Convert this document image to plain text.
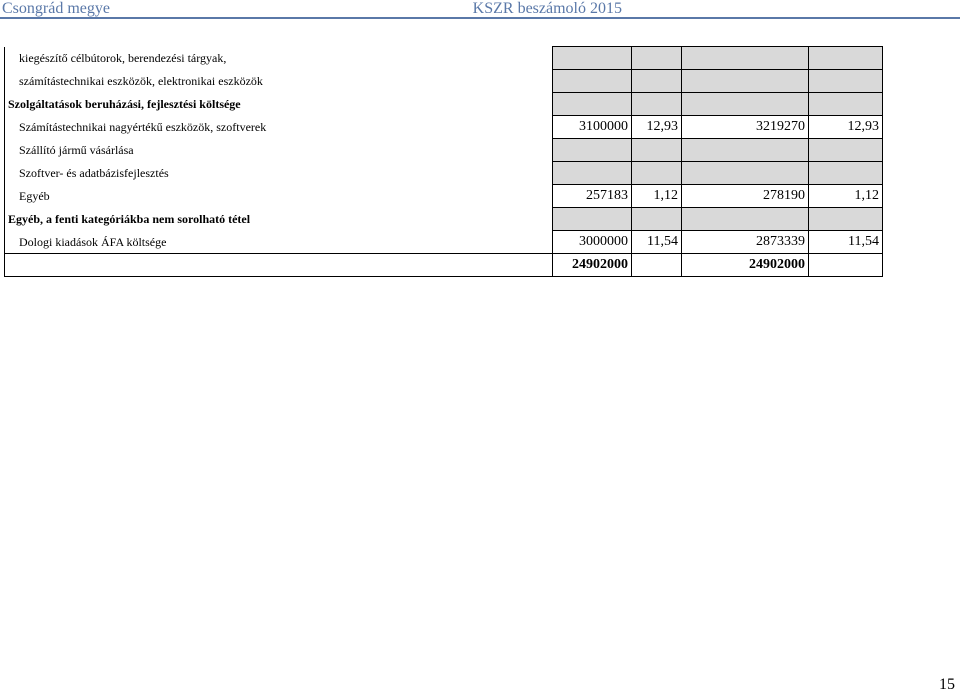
Csongrád megye	KSZR beszámoló 2015
kiegészítő célbútorok, berendezési tárgyak,				
számítástechnikai eszközök, elektronikai eszközök				
Szolgáltatások beruházási, fejlesztési költsége				
Számítástechnikai nagyértékű eszközök, szoftverek	3100000	12,93	3219270	12,93
Szállító jármű vásárlása				
Szoftver- és adatbázisfejlesztés				
Egyéb	257183	1,12	278190	1,12
Egyéb, a fenti kategóriákba nem sorolható tétel				
Dologi kiadások ÁFA költsége	3000000	11,54	2873339	11,54
	24902000		24902000	
15
